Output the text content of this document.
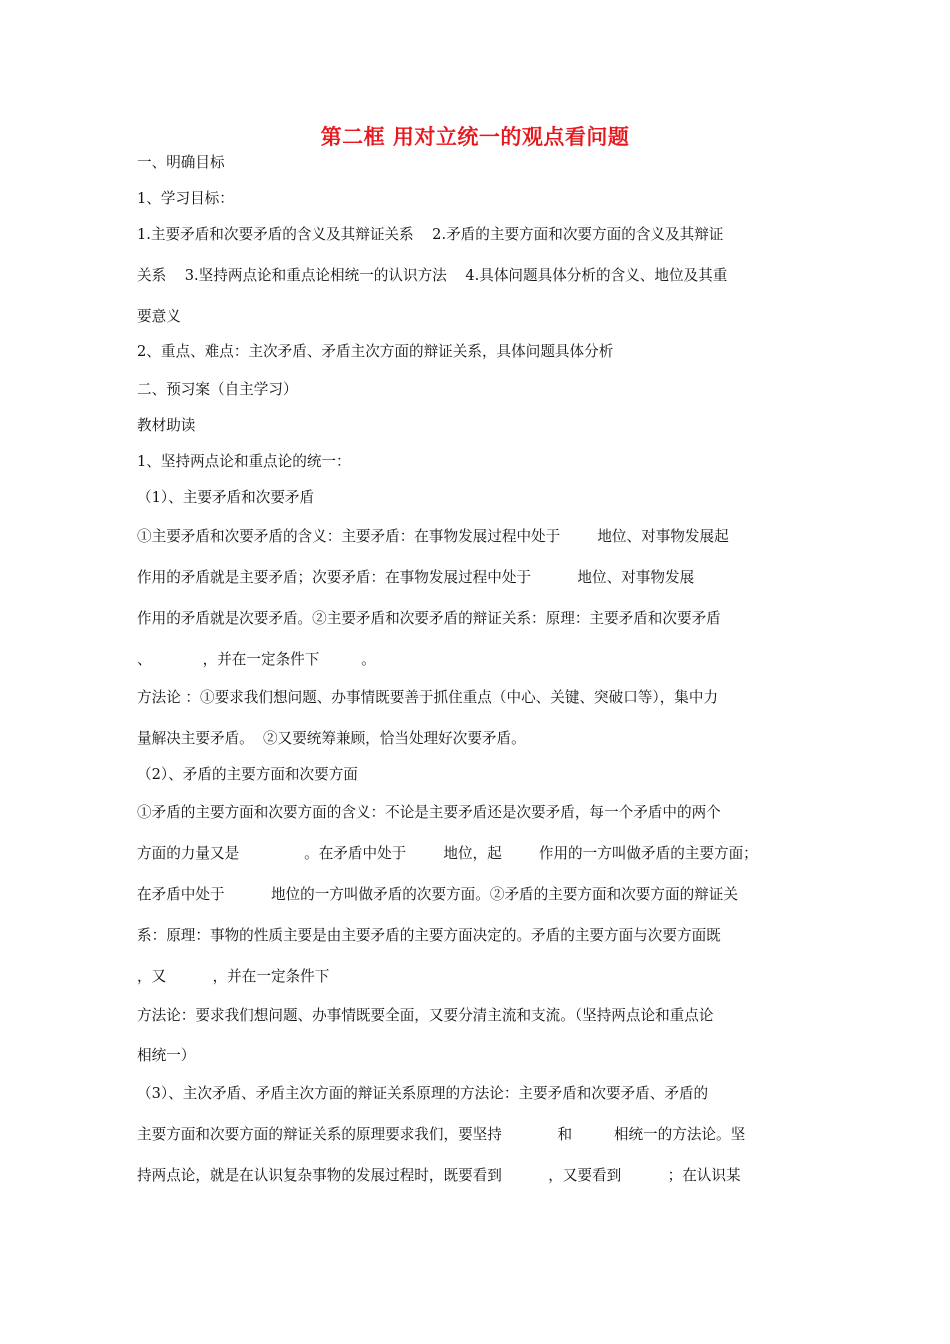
第二框 用对立统一的观点看问题
一、明确目标
1、学习目标：
1.主要矛盾和次要矛盾的含义及其辩证关系    2.矛盾的主要方面和次要方面的含义及其辩证
关系    3.坚持两点论和重点论相统一的认识方法    4.具体问题具体分析的含义、地位及其重
要意义
2、重点、难点：主次矛盾、矛盾主次方面的辩证关系，具体问题具体分析
二、预习案（自主学习）
教材助读
1、坚持两点论和重点论的统一：
（1）、主要矛盾和次要矛盾
①主要矛盾和次要矛盾的含义：主要矛盾：在事物发展过程中处于        地位、对事物发展起
作用的矛盾就是主要矛盾；次要矛盾：在事物发展过程中处于          地位、对事物发展
作用的矛盾就是次要矛盾。②主要矛盾和次要矛盾的辩证关系：原理：主要矛盾和次要矛盾
、           ，并在一定条件下         。
方法论 ：①要求我们想问题、办事情既要善于抓住重点（中心、关键、突破口等），集中力
量解决主要矛盾。  ②又要统筹兼顾，恰当处理好次要矛盾。
（2）、矛盾的主要方面和次要方面
①矛盾的主要方面和次要方面的含义：不论是主要矛盾还是次要矛盾，每一个矛盾中的两个
方面的力量又是              。在矛盾中处于        地位，起        作用的一方叫做矛盾的主要方面；
在矛盾中处于          地位的一方叫做矛盾的次要方面。②矛盾的主要方面和次要方面的辩证关
系：原理：事物的性质主要是由主要矛盾的主要方面决定的。矛盾的主要方面与次要方面既
，又          ，并在一定条件下
方法论：要求我们想问题、办事情既要全面，又要分清主流和支流。（坚持两点论和重点论
相统一）
（3）、主次矛盾、矛盾主次方面的辩证关系原理的方法论：主要矛盾和次要矛盾、矛盾的
主要方面和次要方面的辩证关系的原理要求我们，要坚持            和         相统一的方法论。坚
持两点论，就是在认识复杂事物的发展过程时，既要看到          ，又要看到          ；在认识某
